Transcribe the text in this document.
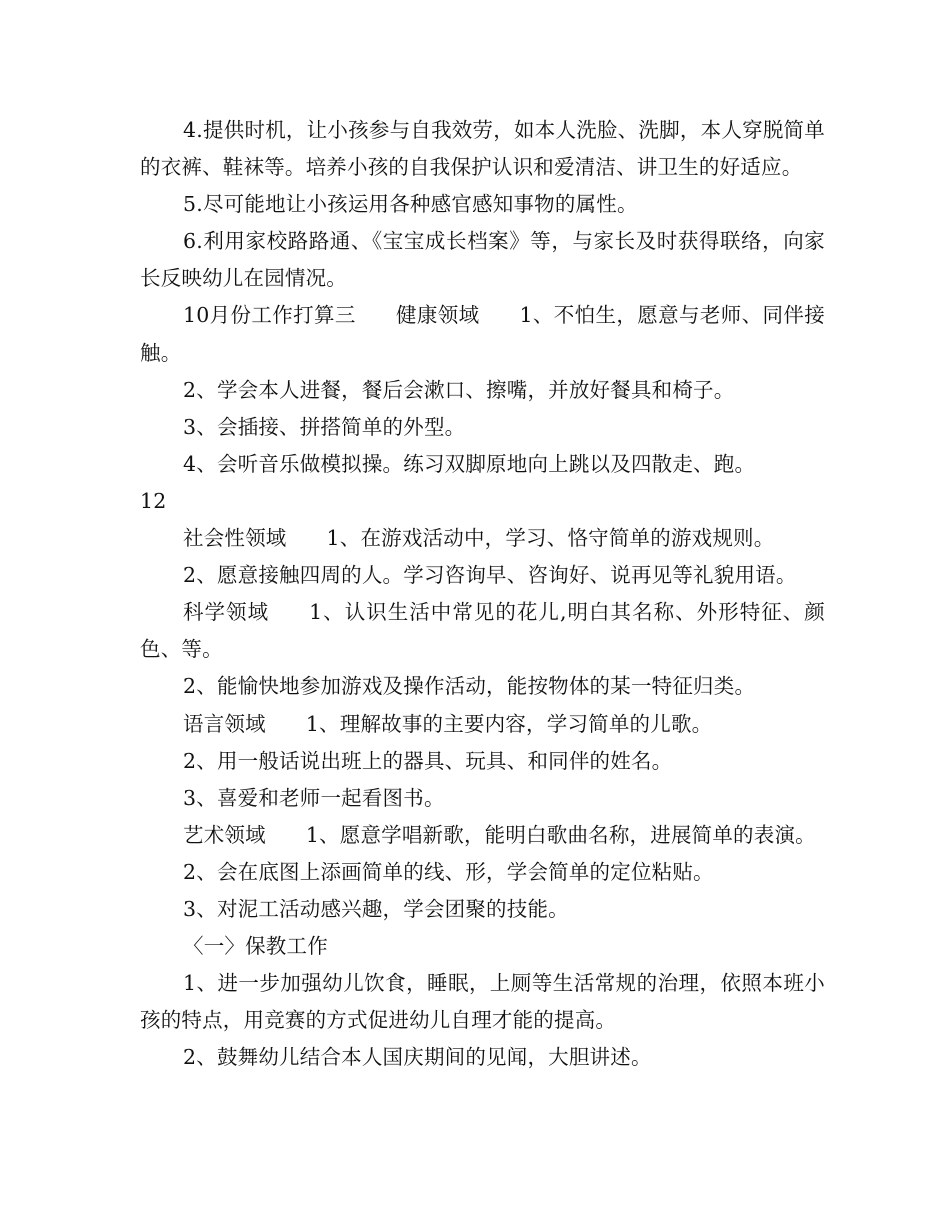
4.提供时机，让小孩参与自我效劳，如本人洗脸、洗脚，本人穿脱简单的衣裤、鞋袜等。培养小孩的自我保护认识和爱清洁、讲卫生的好适应。

5.尽可能地让小孩运用各种感官感知事物的属性。

6.利用家校路路通、《宝宝成长档案》等，与家长及时获得联络，向家长反映幼儿在园情况。

10月份工作打算三 健康领域 1、不怕生，愿意与老师、同伴接触。

2、学会本人进餐，餐后会漱口、擦嘴，并放好餐具和椅子。

3、会插接、拼搭简单的外型。

4、会听音乐做模拟操。练习双脚原地向上跳以及四散走、跑。

12

社会性领域 1、在游戏活动中，学习、恪守简单的游戏规则。

2、愿意接触四周的人。学习咨询早、咨询好、说再见等礼貌用语。

科学领域 1、认识生活中常见的花儿,明白其名称、外形特征、颜色、等。

2、能愉快地参加游戏及操作活动，能按物体的某一特征归类。

语言领域 1、理解故事的主要内容，学习简单的儿歌。

2、用一般话说出班上的器具、玩具、和同伴的姓名。

3、喜爱和老师一起看图书。

艺术领域 1、愿意学唱新歌，能明白歌曲名称，进展简单的表演。

2、会在底图上添画简单的线、形，学会简单的定位粘贴。

3、对泥工活动感兴趣，学会团聚的技能。

〈一〉保教工作

1、进一步加强幼儿饮食，睡眠，上厕等生活常规的治理，依照本班小孩的特点，用竞赛的方式促进幼儿自理才能的提高。

2、鼓舞幼儿结合本人国庆期间的见闻，大胆讲述。
